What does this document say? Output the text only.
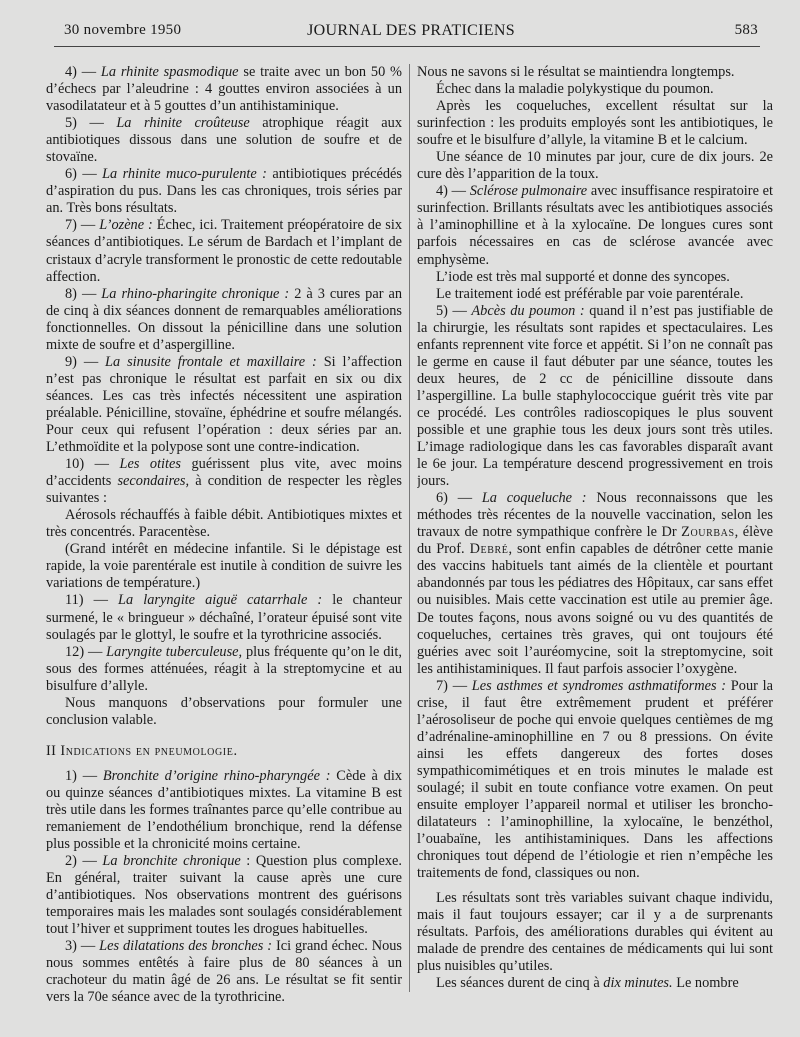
30 novembre 1950	JOURNAL DES PRATICIENS	583

4) — La rhinite spasmodique se traite avec un bon 50 % d’échecs par l’aleudrine : 4 gouttes environ associées à un vasodilatateur et à 5 gouttes d’un antihistaminique.

5) — La rhinite croûteuse atrophique réagit aux antibiotiques dissous dans une solution de soufre et de stovaïne.

6) — La rhinite muco-purulente : antibiotiques précédés d’aspiration du pus. Dans les cas chroniques, trois séries par an. Très bons résultats.

7) — L’ozène : Échec, ici. Traitement préopératoire de six séances d’antibiotiques. Le sérum de Bardach et l’implant de cristaux d’acryle transforment le pronostic de cette redoutable affection.

8) — La rhino-pharingite chronique : 2 à 3 cures par an de cinq à dix séances donnent de remarquables améliorations fonctionnelles. On dissout la pénicilline dans une solution mixte de soufre et d’aspergilline.

9) — La sinusite frontale et maxillaire : Si l’affection n’est pas chronique le résultat est parfait en six ou dix séances. Les cas très infectés nécessitent une aspiration préalable. Pénicilline, stovaïne, éphédrine et soufre mélangés. Pour ceux qui refusent l’opération : deux séries par an. L’ethmoïdite et la polypose sont une contre-indication.

10) — Les otites guérissent plus vite, avec moins d’accidents secondaires, à condition de respecter les règles suivantes :

Aérosols réchauffés à faible débit. Antibiotiques mixtes et très concentrés. Paracentèse.

(Grand intérêt en médecine infantile. Si le dépistage est rapide, la voie parentérale est inutile à condition de suivre les variations de température.)

11) — La laryngite aiguë catarrhale : le chanteur surmené, le « bringueur » déchaîné, l’orateur épuisé sont vite soulagés par le glottyl, le soufre et la tyrothricine associés.

12) — Laryngite tuberculeuse, plus fréquente qu’on le dit, sous des formes atténuées, réagit à la streptomycine et au bisulfure d’allyle.

Nous manquons d’observations pour formuler une conclusion valable.

II Indications en pneumologie.

1) — Bronchite d’origine rhino-pharyngée : Cède à dix ou quinze séances d’antibiotiques mixtes. La vitamine B est très utile dans les formes traînantes parce qu’elle contribue au remaniement de l’endothélium bronchique, rend la défense plus possible et la chronicité moins certaine.

2) — La bronchite chronique : Question plus complexe. En général, traiter suivant la cause après une cure d’antibiotiques. Nos observations montrent des guérisons temporaires mais les malades sont soulagés considérablement tout l’hiver et suppriment toutes les drogues habituelles.

3) — Les dilatations des bronches : Ici grand échec. Nous nous sommes entêtés à faire plus de 80 séances à un crachoteur du matin âgé de 26 ans. Le résultat se fit sentir vers la 70e séance avec de la tyrothricine.

Nous ne savons si le résultat se maintiendra longtemps.

Échec dans la maladie polykystique du poumon.

Après les coqueluches, excellent résultat sur la surinfection : les produits employés sont les antibiotiques, le soufre et le bisulfure d’allyle, la vitamine B et le calcium.

Une séance de 10 minutes par jour, cure de dix jours. 2e cure dès l’apparition de la toux.

4) — Sclérose pulmonaire avec insuffisance respiratoire et surinfection. Brillants résultats avec les antibiotiques associés à l’aminophilline et à la xylocaïne. De longues cures sont parfois nécessaires en cas de sclérose avancée avec emphysème.

L’iode est très mal supporté et donne des syncopes.

Le traitement iodé est préférable par voie parentérale.

5) — Abcès du poumon : quand il n’est pas justifiable de la chirurgie, les résultats sont rapides et spectaculaires. Les enfants reprennent vite force et appétit. Si l’on ne connaît pas le germe en cause il faut débuter par une séance, toutes les deux heures, de 2 cc de pénicilline dissoute dans l’aspergilline. La bulle staphylococcique guérit très vite par ce procédé. Les contrôles radioscopiques le plus souvent possible et une graphie tous les deux jours sont très utiles. L’image radiologique dans les cas favorables disparaît avant le 6e jour. La température descend progressivement en trois jours.

6) — La coqueluche : Nous reconnaissons que les méthodes très récentes de la nouvelle vaccination, selon les travaux de notre sympathique confrère le Dr Zourbas, élève du Prof. Debré, sont enfin capables de détrôner cette manie des vaccins habituels tant aimés de la clientèle et pourtant abandonnés par tous les pédiatres des Hôpitaux, car sans effet ou nuisibles. Mais cette vaccination est utile au premier âge. De toutes façons, nous avons soigné ou vu des quantités de coqueluches, certaines très graves, qui ont toujours été guéries avec soit l’auréomycine, soit la streptomycine, soit les antihistaminiques. Il faut parfois associer l’oxygène.

7) — Les asthmes et syndromes asthmatiformes : Pour la crise, il faut être extrêmement prudent et préférer l’aérosoliseur de poche qui envoie quelques centièmes de mg d’adrénaline-aminophilline en 7 ou 8 pressions. On évite ainsi les effets dangereux des fortes doses sympathicomimétiques et en trois minutes le malade est soulagé; il subit en toute confiance votre examen. On peut ensuite employer l’appareil normal et utiliser les broncho-dilatateurs : l’aminophilline, la xylocaïne, le benzéthol, l’ouabaïne, les antihistaminiques. Dans les affections chroniques tout dépend de l’étiologie et rien n’empêche les traitements de fond, classiques ou non.

Les résultats sont très variables suivant chaque individu, mais il faut toujours essayer; car il y a de surprenants résultats. Parfois, des améliorations durables qui évitent au malade de prendre des centaines de médicaments qui lui sont plus nuisibles qu’utiles.

Les séances durent de cinq à dix minutes. Le nombre
